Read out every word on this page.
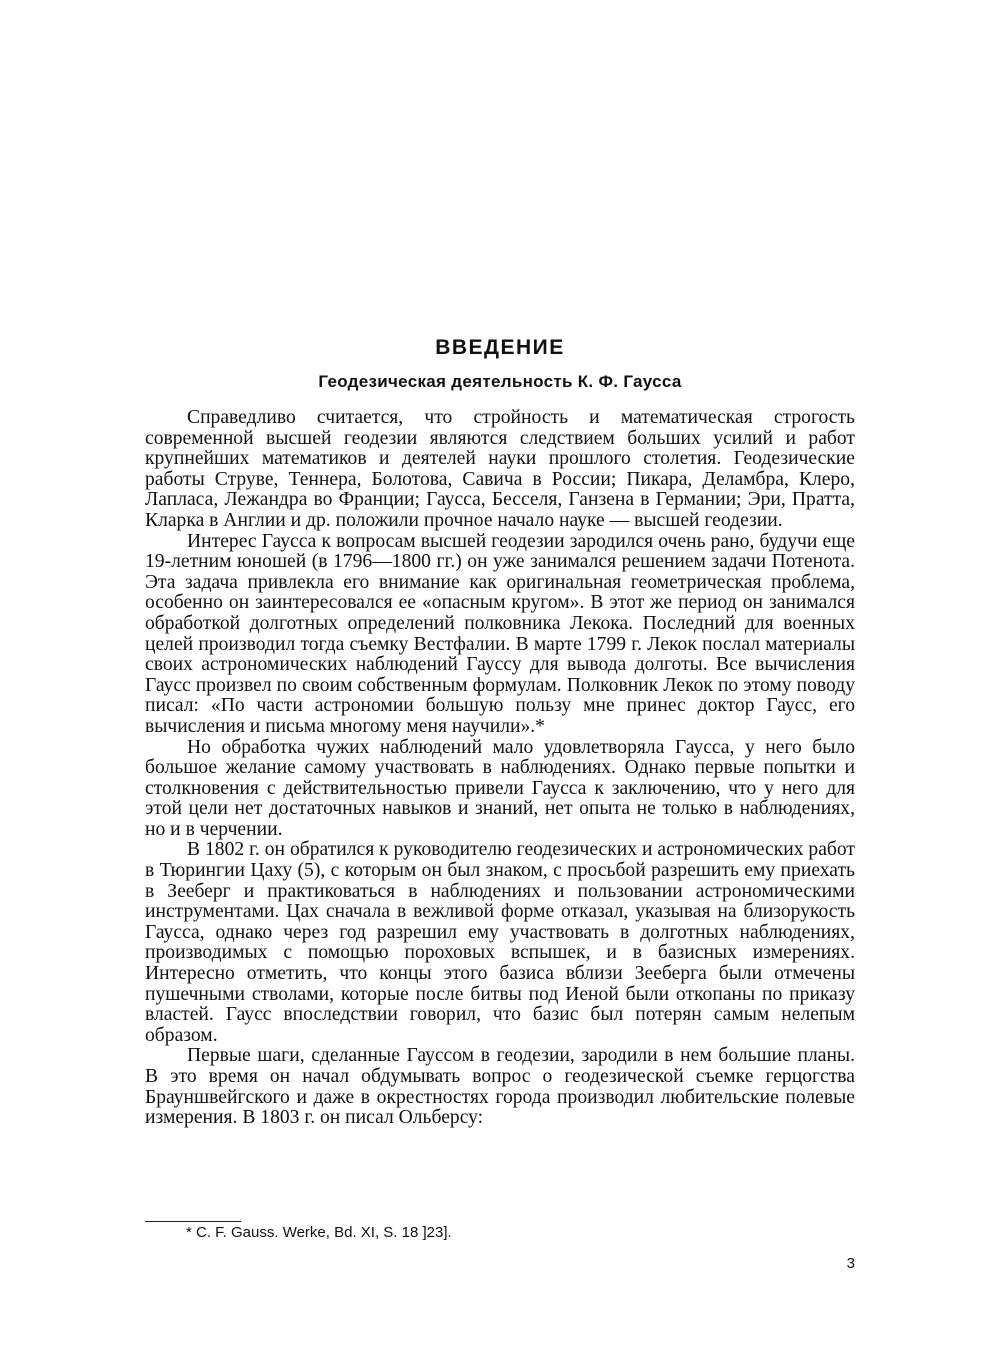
ВВЕДЕНИЕ
Геодезическая деятельность К. Ф. Гаусса

Справедливо считается, что стройность и математическая строгость современной высшей геодезии являются следствием больших усилий и работ крупнейших математиков и деятелей науки прошлого столетия. Геодезические работы Струве, Теннера, Болотова, Савича в России; Пикара, Деламбра, Клеро, Лапласа, Лежандра во Франции; Гаусса, Бесселя, Ганзена в Германии; Эри, Пратта, Кларка в Англии и др. положили прочное начало науке — высшей геодезии.

Интерес Гаусса к вопросам высшей геодезии зародился очень рано, будучи еще 19-летним юношей (в 1796—1800 гг.) он уже занимался решением задачи Потенота. Эта задача привлекла его внимание как оригинальная геометрическая проблема, особенно он заинтересовался ее «опасным кругом». В этот же период он занимался обработкой долготных определений полковника Лекока. Последний для военных целей производил тогда съемку Вестфалии. В марте 1799 г. Лекок послал материалы своих астрономических наблюдений Гауссу для вывода долготы. Все вычисления Гаусс произвел по своим собственным формулам. Полковник Лекок по этому поводу писал: «По части астрономии большую пользу мне принес доктор Гаусс, его вычисления и письма многому меня научили».*

Но обработка чужих наблюдений мало удовлетворяла Гаусса, у него было большое желание самому участвовать в наблюдениях. Однако первые попытки и столкновения с действительностью привели Гаусса к заключению, что у него для этой цели нет достаточных навыков и знаний, нет опыта не только в наблюдениях, но и в черчении.

В 1802 г. он обратился к руководителю геодезических и астрономических работ в Тюрингии Цаху (5), с которым он был знаком, с просьбой разрешить ему приехать в Зееберг и практиковаться в наблюдениях и пользовании астрономическими инструментами. Цах сначала в вежливой форме отказал, указывая на близорукость Гаусса, однако через год разрешил ему участвовать в долготных наблюдениях, производимых с помощью пороховых вспышек, и в базисных измерениях. Интересно отметить, что концы этого базиса вблизи Зееберга были отмечены пушечными стволами, которые после битвы под Иеной были откопаны по приказу властей. Гаусс впоследствии говорил, что базис был потерян самым нелепым образом.

Первые шаги, сделанные Гауссом в геодезии, зародили в нем большие планы. В это время он начал обдумывать вопрос о геодезической съемке герцогства Брауншвейгского и даже в окрестностях города производил любительские полевые измерения. В 1803 г. он писал Ольберсу:

* C. F. Gauss. Werke, Bd. XI, S. 18 ]23].

3
